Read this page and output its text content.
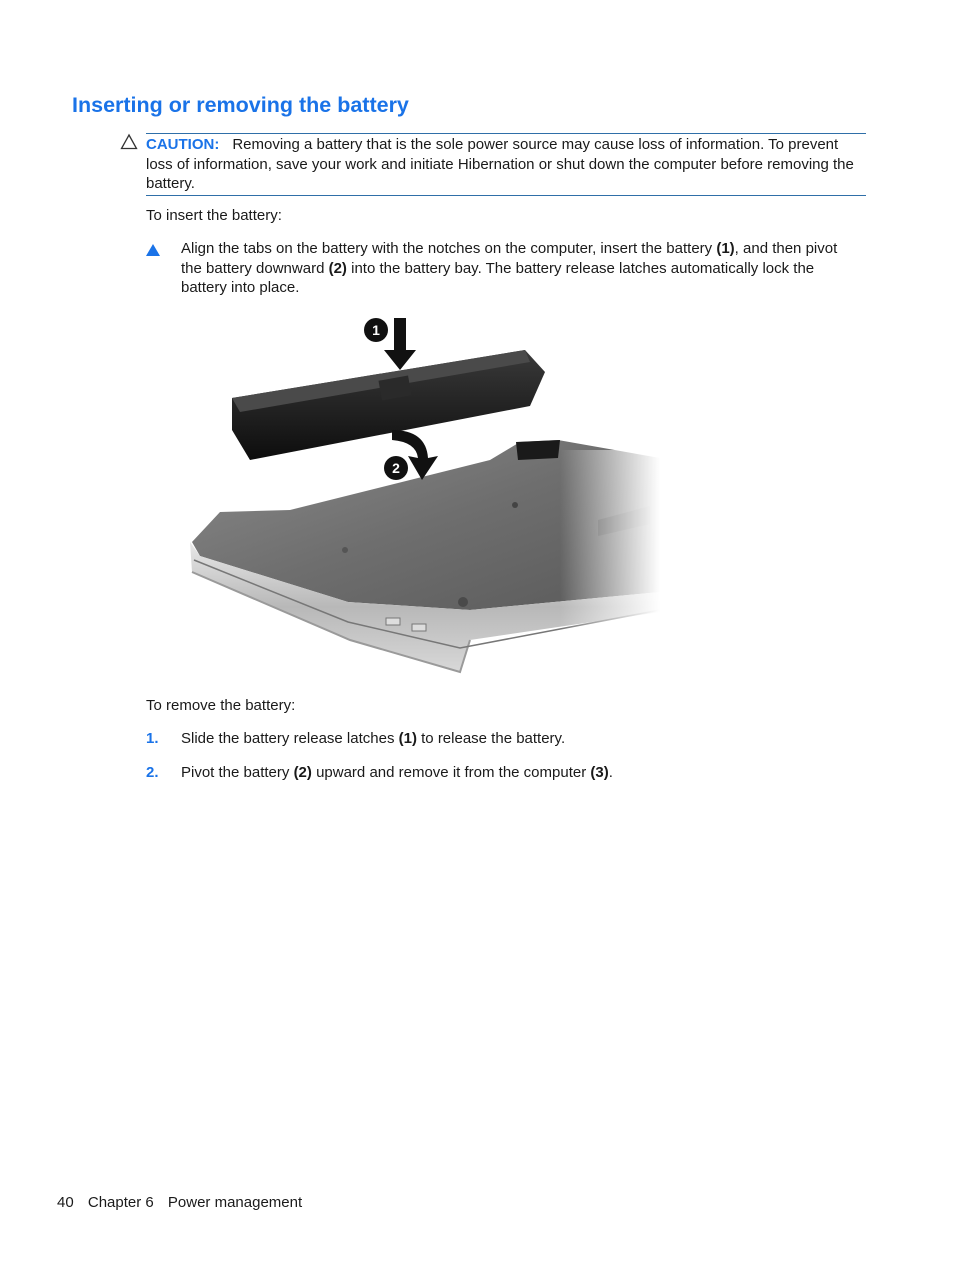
Inserting or removing the battery
CAUTION: Removing a battery that is the sole power source may cause loss of information. To prevent loss of information, save your work and initiate Hibernation or shut down the computer before removing the battery.
To insert the battery:
Align the tabs on the battery with the notches on the computer, insert the battery (1), and then pivot the battery downward (2) into the battery bay. The battery release latches automatically lock the battery into place.
1
2
To remove the battery:
1. Slide the battery release latches (1) to release the battery.
2. Pivot the battery (2) upward and remove it from the computer (3).
40 Chapter 6 Power management
